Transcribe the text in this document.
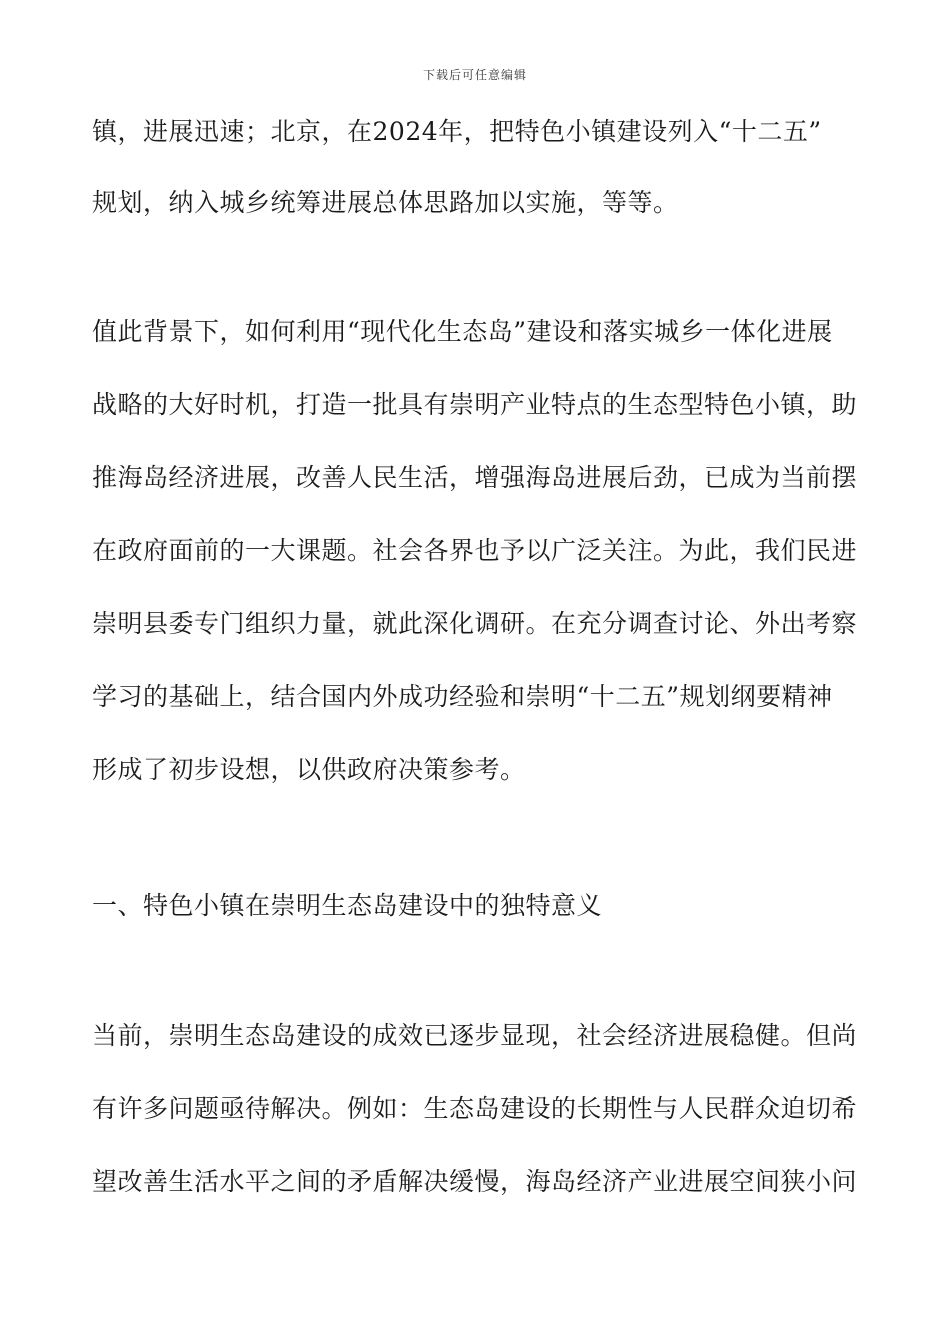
下载后可任意编辑
镇，进展迅速；北京，在2024年，把特色小镇建设列入“十二五”
规划，纳入城乡统筹进展总体思路加以实施，等等。
值此背景下，如何利用“现代化生态岛”建设和落实城乡一体化进展
战略的大好时机，打造一批具有崇明产业特点的生态型特色小镇，助
推海岛经济进展，改善人民生活，增强海岛进展后劲，已成为当前摆
在政府面前的一大课题。社会各界也予以广泛关注。为此，我们民进
崇明县委专门组织力量，就此深化调研。在充分调查讨论、外出考察
学习的基础上，结合国内外成功经验和崇明“十二五”规划纲要精神
形成了初步设想，以供政府决策参考。
一、特色小镇在崇明生态岛建设中的独特意义
当前，崇明生态岛建设的成效已逐步显现，社会经济进展稳健。但尚
有许多问题亟待解决。例如：生态岛建设的长期性与人民群众迫切希
望改善生活水平之间的矛盾解决缓慢，海岛经济产业进展空间狭小问
